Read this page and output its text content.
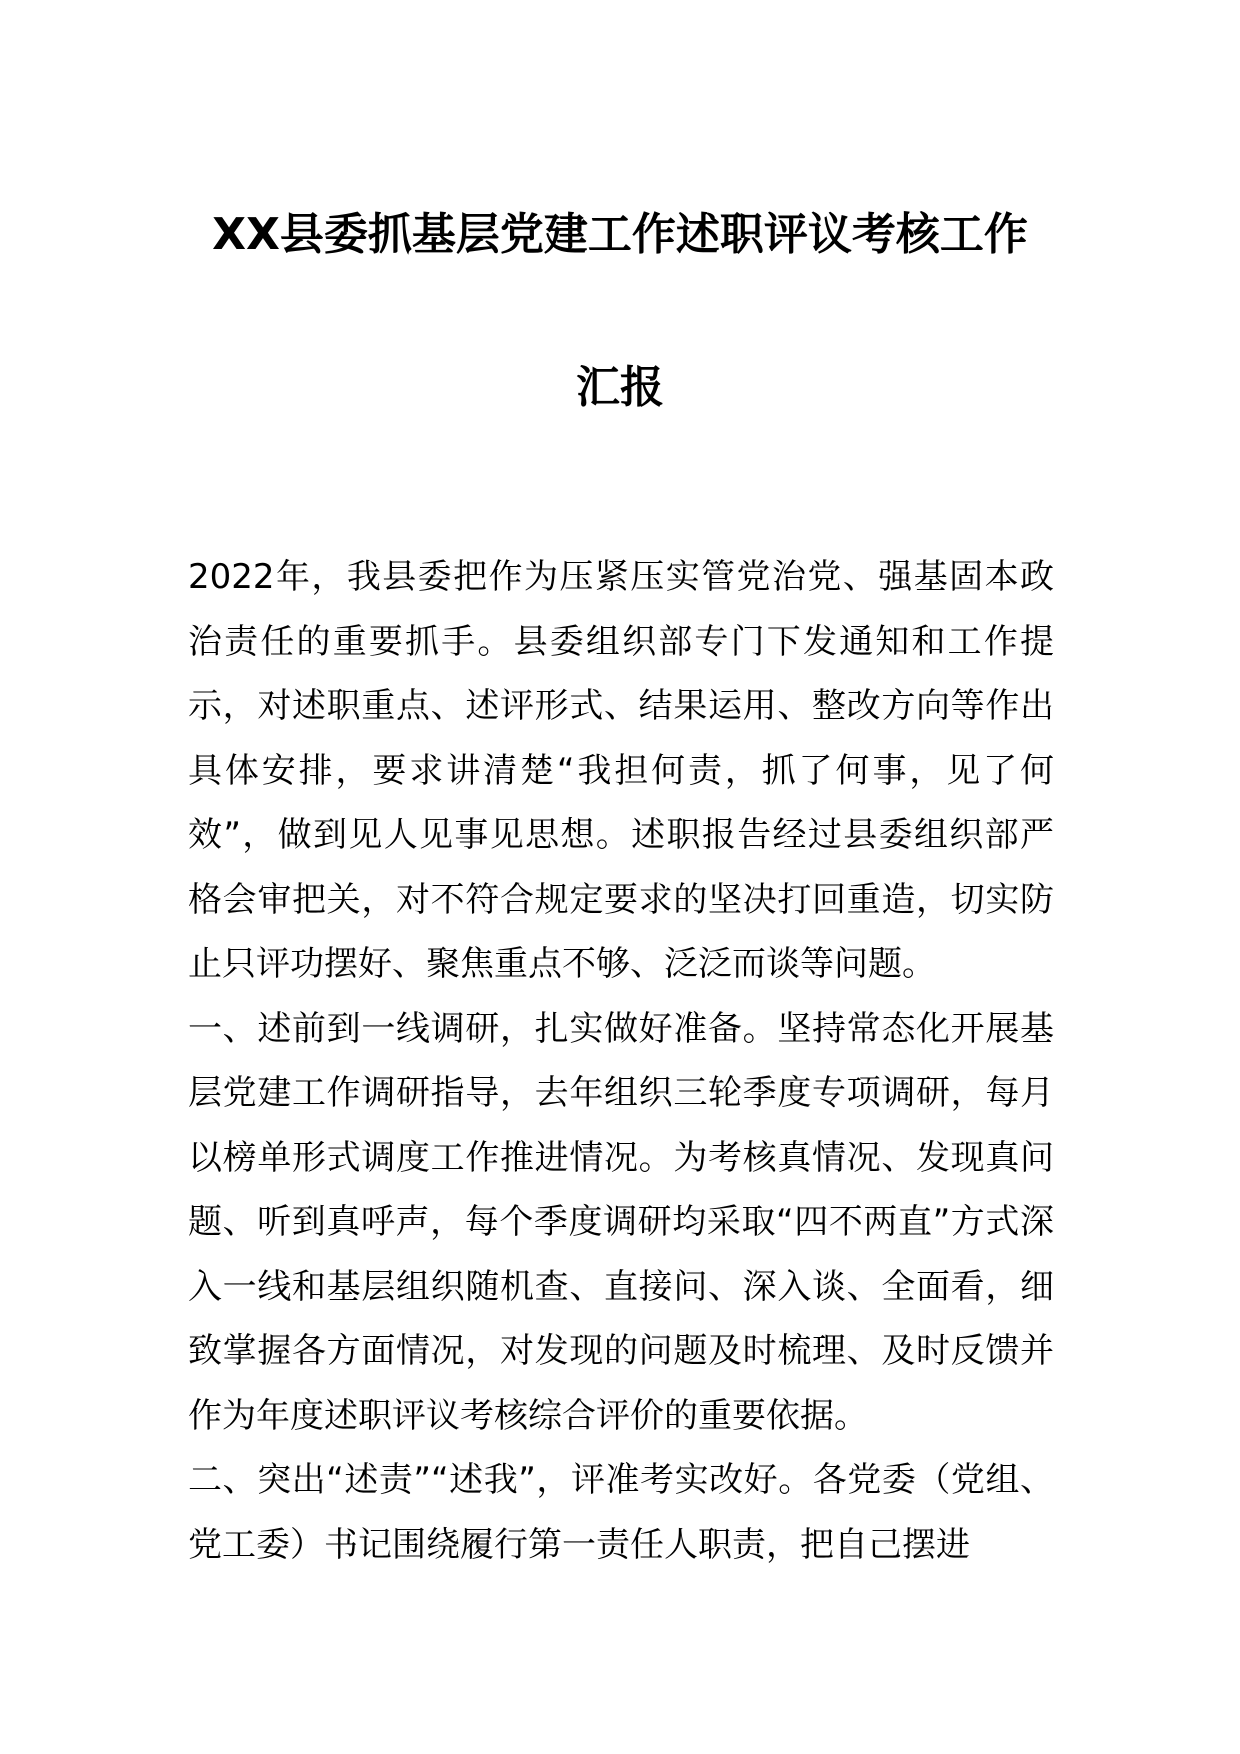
XX县委抓基层党建工作述职评议考核工作
汇报

2022年，我县委把作为压紧压实管党治党、强基固本政治责任的重要抓手。县委组织部专门下发通知和工作提示，对述职重点、述评形式、结果运用、整改方向等作出具体安排，要求讲清楚“我担何责，抓了何事，见了何效”，做到见人见事见思想。述职报告经过县委组织部严格会审把关，对不符合规定要求的坚决打回重造，切实防止只评功摆好、聚焦重点不够、泛泛而谈等问题。

一、述前到一线调研，扎实做好准备。坚持常态化开展基层党建工作调研指导，去年组织三轮季度专项调研，每月以榜单形式调度工作推进情况。为考核真情况、发现真问题、听到真呼声，每个季度调研均采取“四不两直”方式深入一线和基层组织随机查、直接问、深入谈、全面看，细致掌握各方面情况，对发现的问题及时梳理、及时反馈并作为年度述职评议考核综合评价的重要依据。

二、突出“述责”“述我”，评准考实改好。各党委（党组、党工委）书记围绕履行第一责任人职责，把自己摆进
